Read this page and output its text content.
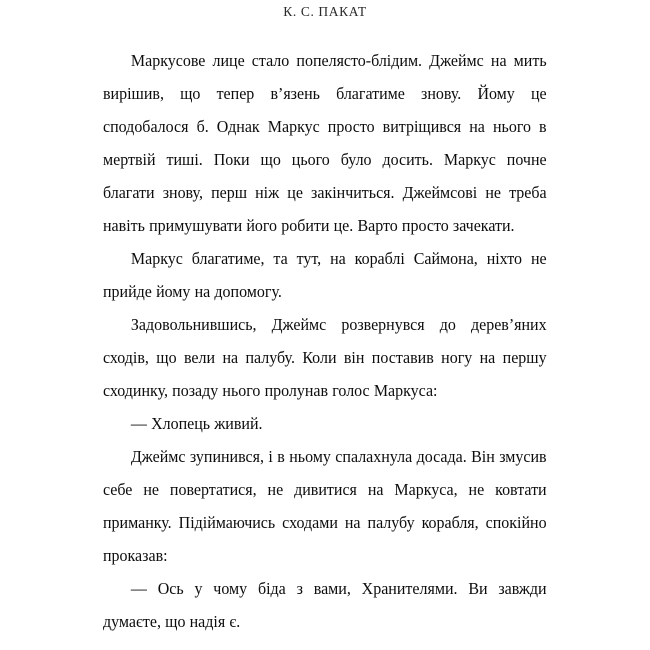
К. С. ПАКАТ

Маркусове лице стало попелясто-блідим. Джеймс на мить вирішив, що тепер в’язень благатиме знову. Йому це сподобалося б. Однак Маркус просто витріщився на нього в мертвій тиші. Поки що цього було досить. Маркус почне благати знову, перш ніж це закінчиться. Джеймсові не треба навіть примушувати його робити це. Варто просто зачекати.

Маркус благатиме, та тут, на кораблі Саймона, ніхто не прийде йому на допомогу.

Задовольнившись, Джеймс розвернувся до дерев’яних сходів, що вели на палубу. Коли він поставив ногу на першу сходинку, позаду нього пролунав голос Маркуса:

— Хлопець живий.

Джеймс зупинився, і в ньому спалахнула досада. Він змусив себе не повертатися, не дивитися на Маркуса, не ковтати приманку. Підіймаючись сходами на палубу корабля, спокійно проказав:

— Ось у чому біда з вами, Хранителями. Ви завжди думаєте, що надія є.
